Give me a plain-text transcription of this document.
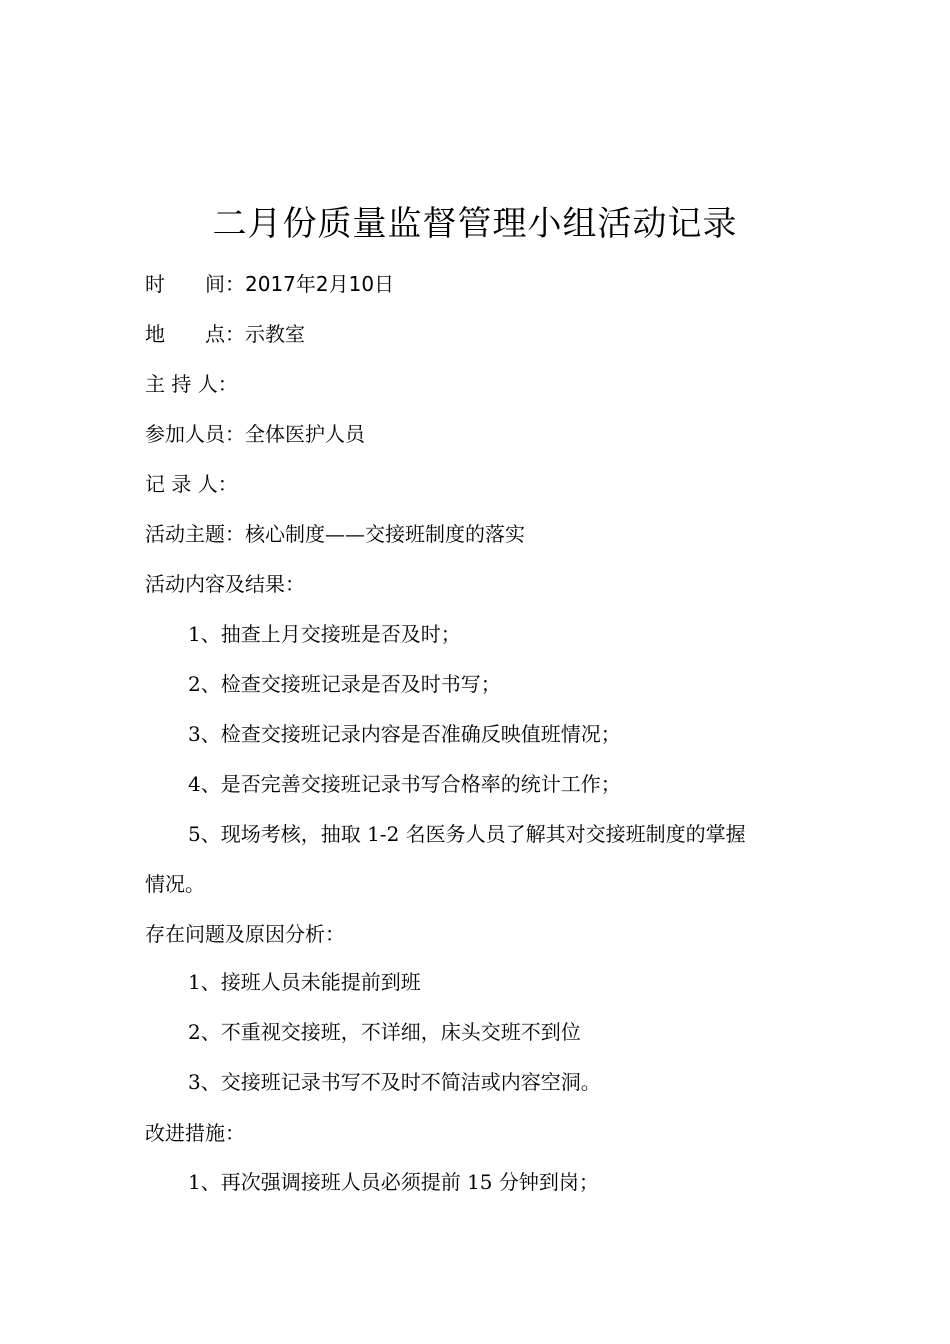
二月份质量监督管理小组活动记录
时　　间：2017年2月10日
地　　点：示教室
主 持 人：
参加人员：全体医护人员
记 录 人：
活动主题：核心制度——交接班制度的落实
活动内容及结果：
1、抽查上月交接班是否及时；
2、检查交接班记录是否及时书写；
3、检查交接班记录内容是否准确反映值班情况；
4、是否完善交接班记录书写合格率的统计工作；
5、现场考核，抽取 1-2 名医务人员了解其对交接班制度的掌握
情况。
存在问题及原因分析：
1、接班人员未能提前到班
2、不重视交接班，不详细，床头交班不到位
3、交接班记录书写不及时不简洁或内容空洞。
改进措施：
1、再次强调接班人员必须提前 15 分钟到岗；
